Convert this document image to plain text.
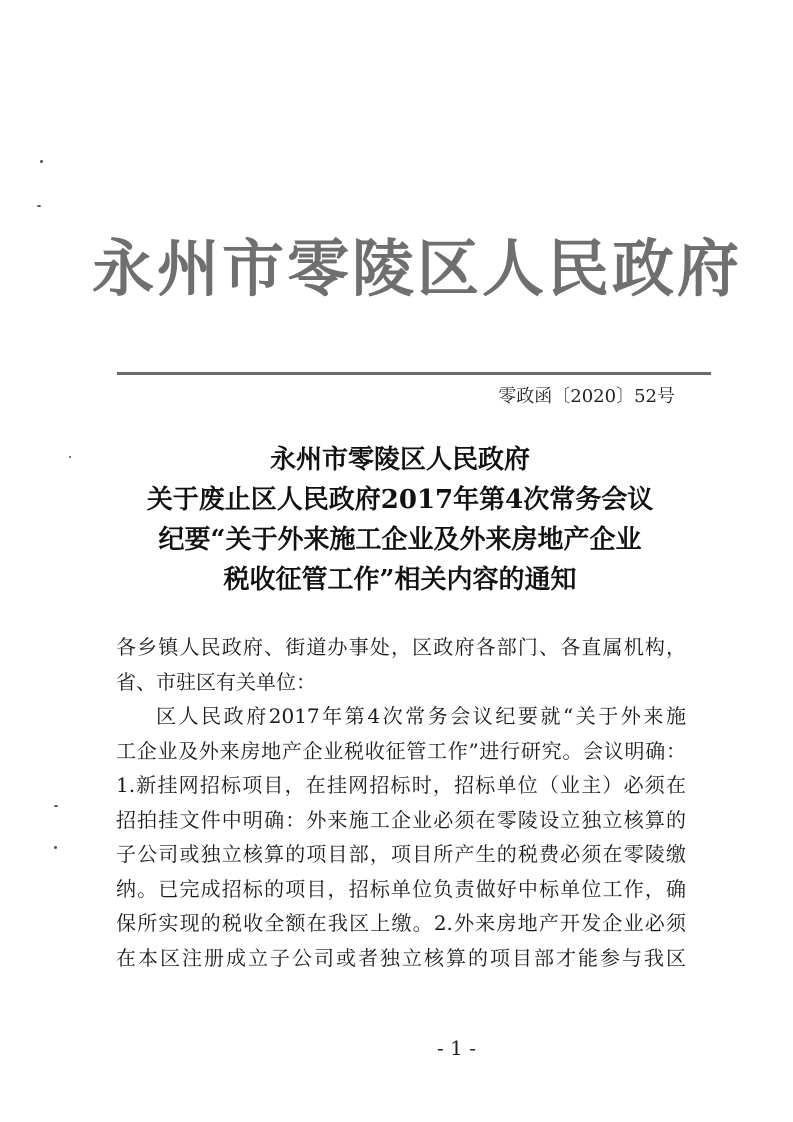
永州市零陵区人民政府
零政函〔2020〕52号
永州市零陵区人民政府
关于废止区人民政府2017年第4次常务会议
纪要“关于外来施工企业及外来房地产企业
税收征管工作”相关内容的通知
各乡镇人民政府、街道办事处，区政府各部门、各直属机构，
省、市驻区有关单位：
区人民政府2017年第4次常务会议纪要就“关于外来施
工企业及外来房地产企业税收征管工作”进行研究。会议明确：
1.新挂网招标项目，在挂网招标时，招标单位（业主）必须在
招拍挂文件中明确：外来施工企业必须在零陵设立独立核算的
子公司或独立核算的项目部，项目所产生的税费必须在零陵缴
纳。已完成招标的项目，招标单位负责做好中标单位工作，确
保所实现的税收全额在我区上缴。2.外来房地产开发企业必须
在本区注册成立子公司或者独立核算的项目部才能参与我区
- 1 -
